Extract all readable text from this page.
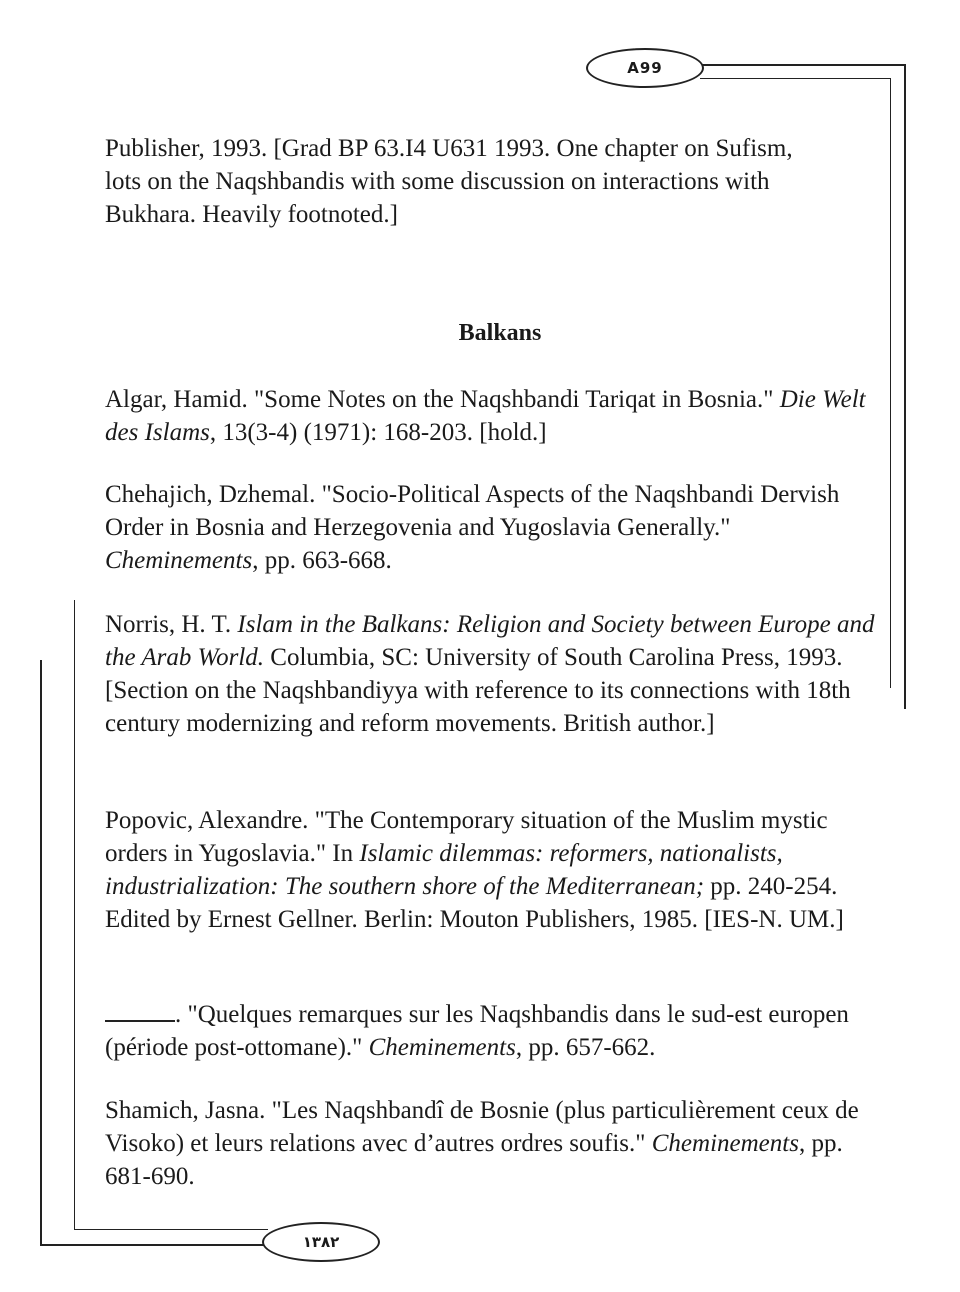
A99
١٣٨٢

Publisher, 1993. [Grad BP 63.I4 U631 1993. One chapter on Sufism, lots on the Naqshbandis with some discussion on interactions with Bukhara. Heavily footnoted.]

Balkans

Algar, Hamid. "Some Notes on the Naqshbandi Tariqat in Bosnia." Die Welt des Islams, 13(3-4) (1971): 168-203. [hold.]

Chehajich, Dzhemal. "Socio-Political Aspects of the Naqshbandi Dervish Order in Bosnia and Herzegovenia and Yugoslavia Generally." Cheminements, pp. 663-668.

Norris, H. T. Islam in the Balkans: Religion and Society between Europe and the Arab World. Columbia, SC: University of South Carolina Press, 1993. [Section on the Naqshbandiyya with reference to its connections with 18th century modernizing and reform movements. British author.]

Popovic, Alexandre. "The Contemporary situation of the Muslim mystic orders in Yugoslavia." In Islamic dilemmas: reformers, nationalists, industrialization: The southern shore of the Mediterranean; pp. 240-254. Edited by Ernest Gellner. Berlin: Mouton Publishers, 1985. [IES-N. UM.]

. "Quelques remarques sur les Naqshbandis dans le sud-est europen (période post-ottomane)." Cheminements, pp. 657-662.

Shamich, Jasna. "Les Naqshbandî de Bosnie (plus particulièrement ceux de Visoko) et leurs relations avec d’autres ordres soufis." Cheminements, pp. 681-690.
